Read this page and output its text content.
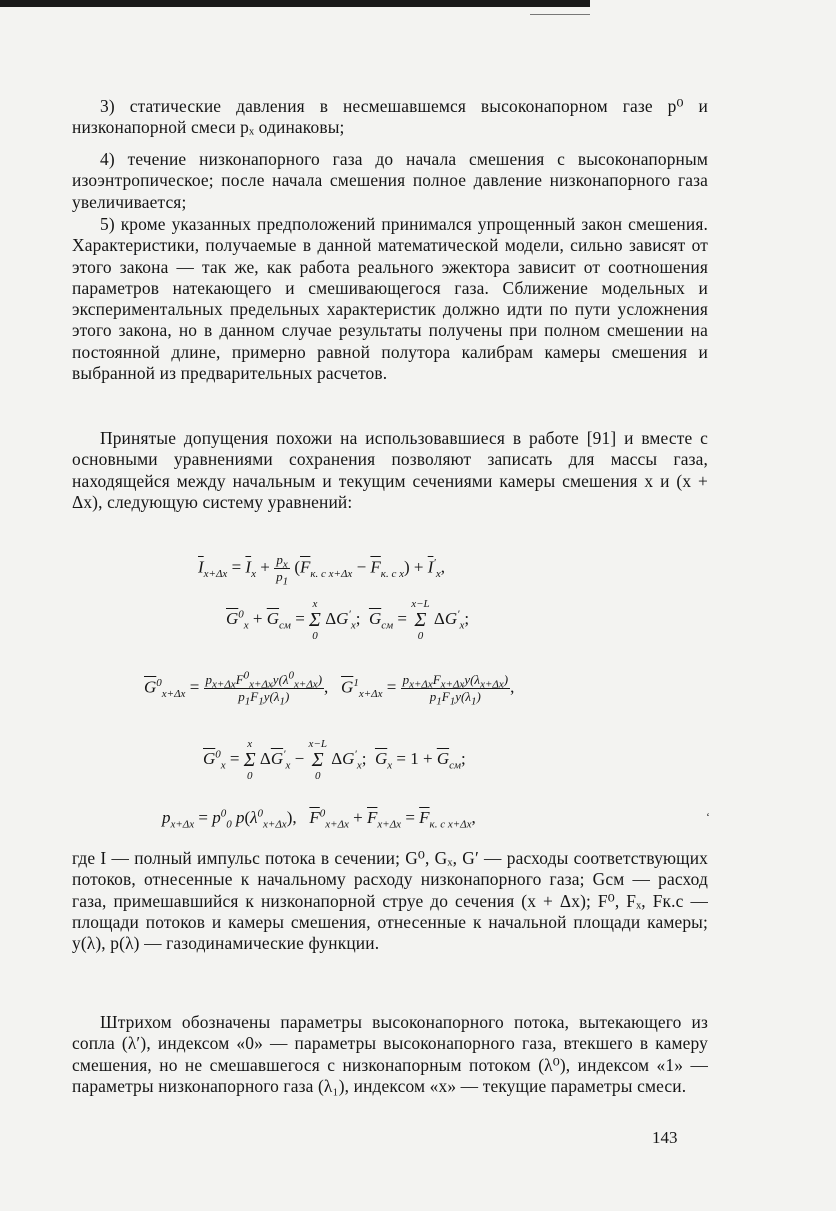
3) статические давления в несмешавшемся высоконапорном газе p⁰ и низконапорной смеси pₓ одинаковы;

4) течение низконапорного газа до начала смешения с высоконапорным изоэнтропическое; после начала смешения полное давление низконапорного газа увеличивается;

5) кроме указанных предположений принимался упрощенный закон смешения. Характеристики, получаемые в данной математической модели, сильно зависят от этого закона — так же, как работа реального эжектора зависит от соотношения параметров натекающего и смешивающегося газа. Сближение модельных и экспериментальных предельных характеристик должно идти по пути усложнения этого закона, но в данном случае результаты получены при полном смешении на постоянной длине, примерно равной полутора калибрам камеры смешения и выбранной из предварительных расчетов.

Принятые допущения похожи на использовавшиеся в работе [91] и вместе с основными уравнениями сохранения позволяют записать для массы газа, находящейся между начальным и текущим сечениями камеры смешения x и (x + Δx), следующую систему уравнений:

$\overline{I}_{x+\Delta x} = \overline{I}_x + \frac{p_x}{p_1} (\overline{F}_{к. с x+\Delta x} - \overline{F}_{к. с x}) + \overline{I}'_x$,
$\overline{G}^0_x + \overline{G}_{см}$ =
x
Σ
0
$\Delta G'_x$; $\overline{G}_{см}$ =
x−L
Σ
0
$\Delta G'_x$;
$\overline{G}^0_{x+\Delta x} = \frac{p_{x+\Delta x}F^0_{x+\Delta x}y(\lambda^0_{x+\Delta x})}{p_1F_1y(\lambda_1)}$ , $\overline{G}^1_{x+\Delta x} = \frac{p_{x+\Delta x}F_{x+\Delta x}y(\lambda_{x+\Delta x})}{p_1F_1y(\lambda_1)}$ ,
$\overline{G}^0_x$ =
x
Σ
0
$\Delta\overline{G}'_x$ −
x−L
Σ
0
$\Delta G'_x$; $\overline{G}_x = 1 + \overline{G}_{см}$;
$p_{x+\Delta x} = p^0_0$ $p(\lambda^0_{x+\Delta x})$, $\overline{F}^0_{x+\Delta x} + \overline{F}_{x+\Delta x} = \overline{F}_{к. с x+\Delta x}$,	ʻ

где I — полный импульс потока в сечении; G⁰, Gₓ, G′ — расходы соответствующих потоков, отнесенные к начальному расходу низконапорного газа; Gсм — расход газа, примешавшийся к низконапорной струе до сечения (x + Δx); F⁰, Fₓ, Fк.с — площади потоков и камеры смешения, отнесенные к начальной площади камеры; y(λ), p(λ) — газодинамические функции.

Штрихом обозначены параметры высоконапорного потока, вытекающего из сопла (λ′), индексом «0» — параметры высоконапорного газа, втекшего в камеру смешения, но не смешавшегося с низконапорным потоком (λ⁰), индексом «1» — параметры низконапорного газа (λ₁), индексом «x» — текущие параметры смеси.

143
